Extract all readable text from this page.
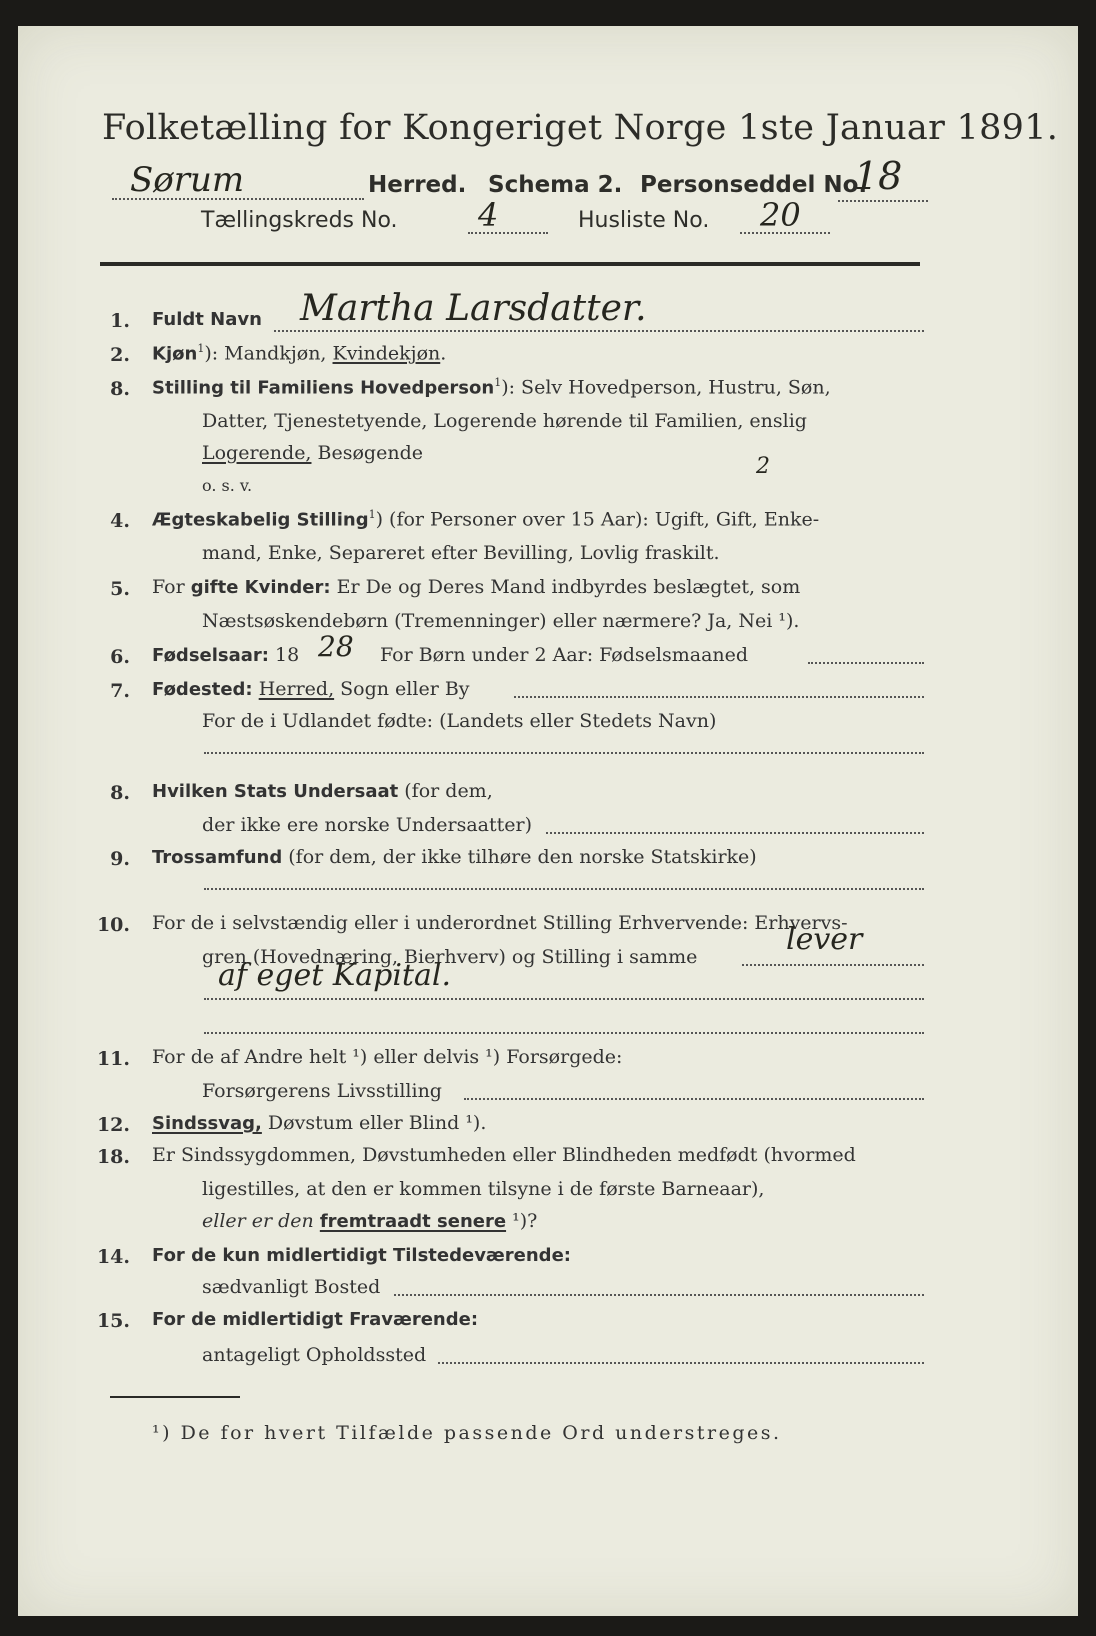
Folketælling for Kongeriget Norge 1ste Januar 1891.
Sørum	Herred. Schema 2. Personseddel No.
18
Tællingskreds No.	4	Husliste No. 20
1. Fuldt Navn Martha Larsdatter.
2. Kjøn$^1$): Mandkjøn, Kvindekjøn.
8. Stilling til Familiens Hovedperson$^1$): Selv Hovedperson, Hustru, Søn,
Datter, Tjenestetyende, Logerende hørende til Familien, enslig
Logerende, Besøgende
o. s. v.
2
4. Ægteskabelig Stilling$^1$) (for Personer over 15 Aar): Ugift, Gift, Enke-
mand, Enke, Separeret efter Bevilling, Lovlig fraskilt.
5. For gifte Kvinder: Er De og Deres Mand indbyrdes beslægtet, som
Næstsøskendebørn (Tremenninger) eller nærmere? Ja, Nei ¹).
6. Fødselsaar: 18 28 For Børn under 2 Aar: Fødselsmaaned
7. Fødested: Herred, Sogn eller By
For de i Udlandet fødte: (Landets eller Stedets Navn)
8. Hvilken Stats Undersaat (for dem,
der ikke ere norske Undersaatter)
9. Trossamfund (for dem, der ikke tilhøre den norske Statskirke)
10. For de i selvstændig eller i underordnet Stilling Erhvervende: Erhvervs-
gren (Hovednæring, Bierhverv) og Stilling i samme	lever
af eget Kapital.
11. For de af Andre helt ¹) eller delvis ¹) Forsørgede:
Forsørgerens Livsstilling
12. Sindssvag, Døvstum eller Blind ¹).
18. Er Sindssygdommen, Døvstumheden eller Blindheden medfødt (hvormed
ligestilles, at den er kommen tilsyne i de første Barneaar),
eller er den fremtraadt senere ¹)?
14. For de kun midlertidigt Tilstedeværende:
sædvanligt Bosted
15. For de midlertidigt Fraværende:
antageligt Opholdssted
¹) De for hvert Tilfælde passende Ord understreges.
